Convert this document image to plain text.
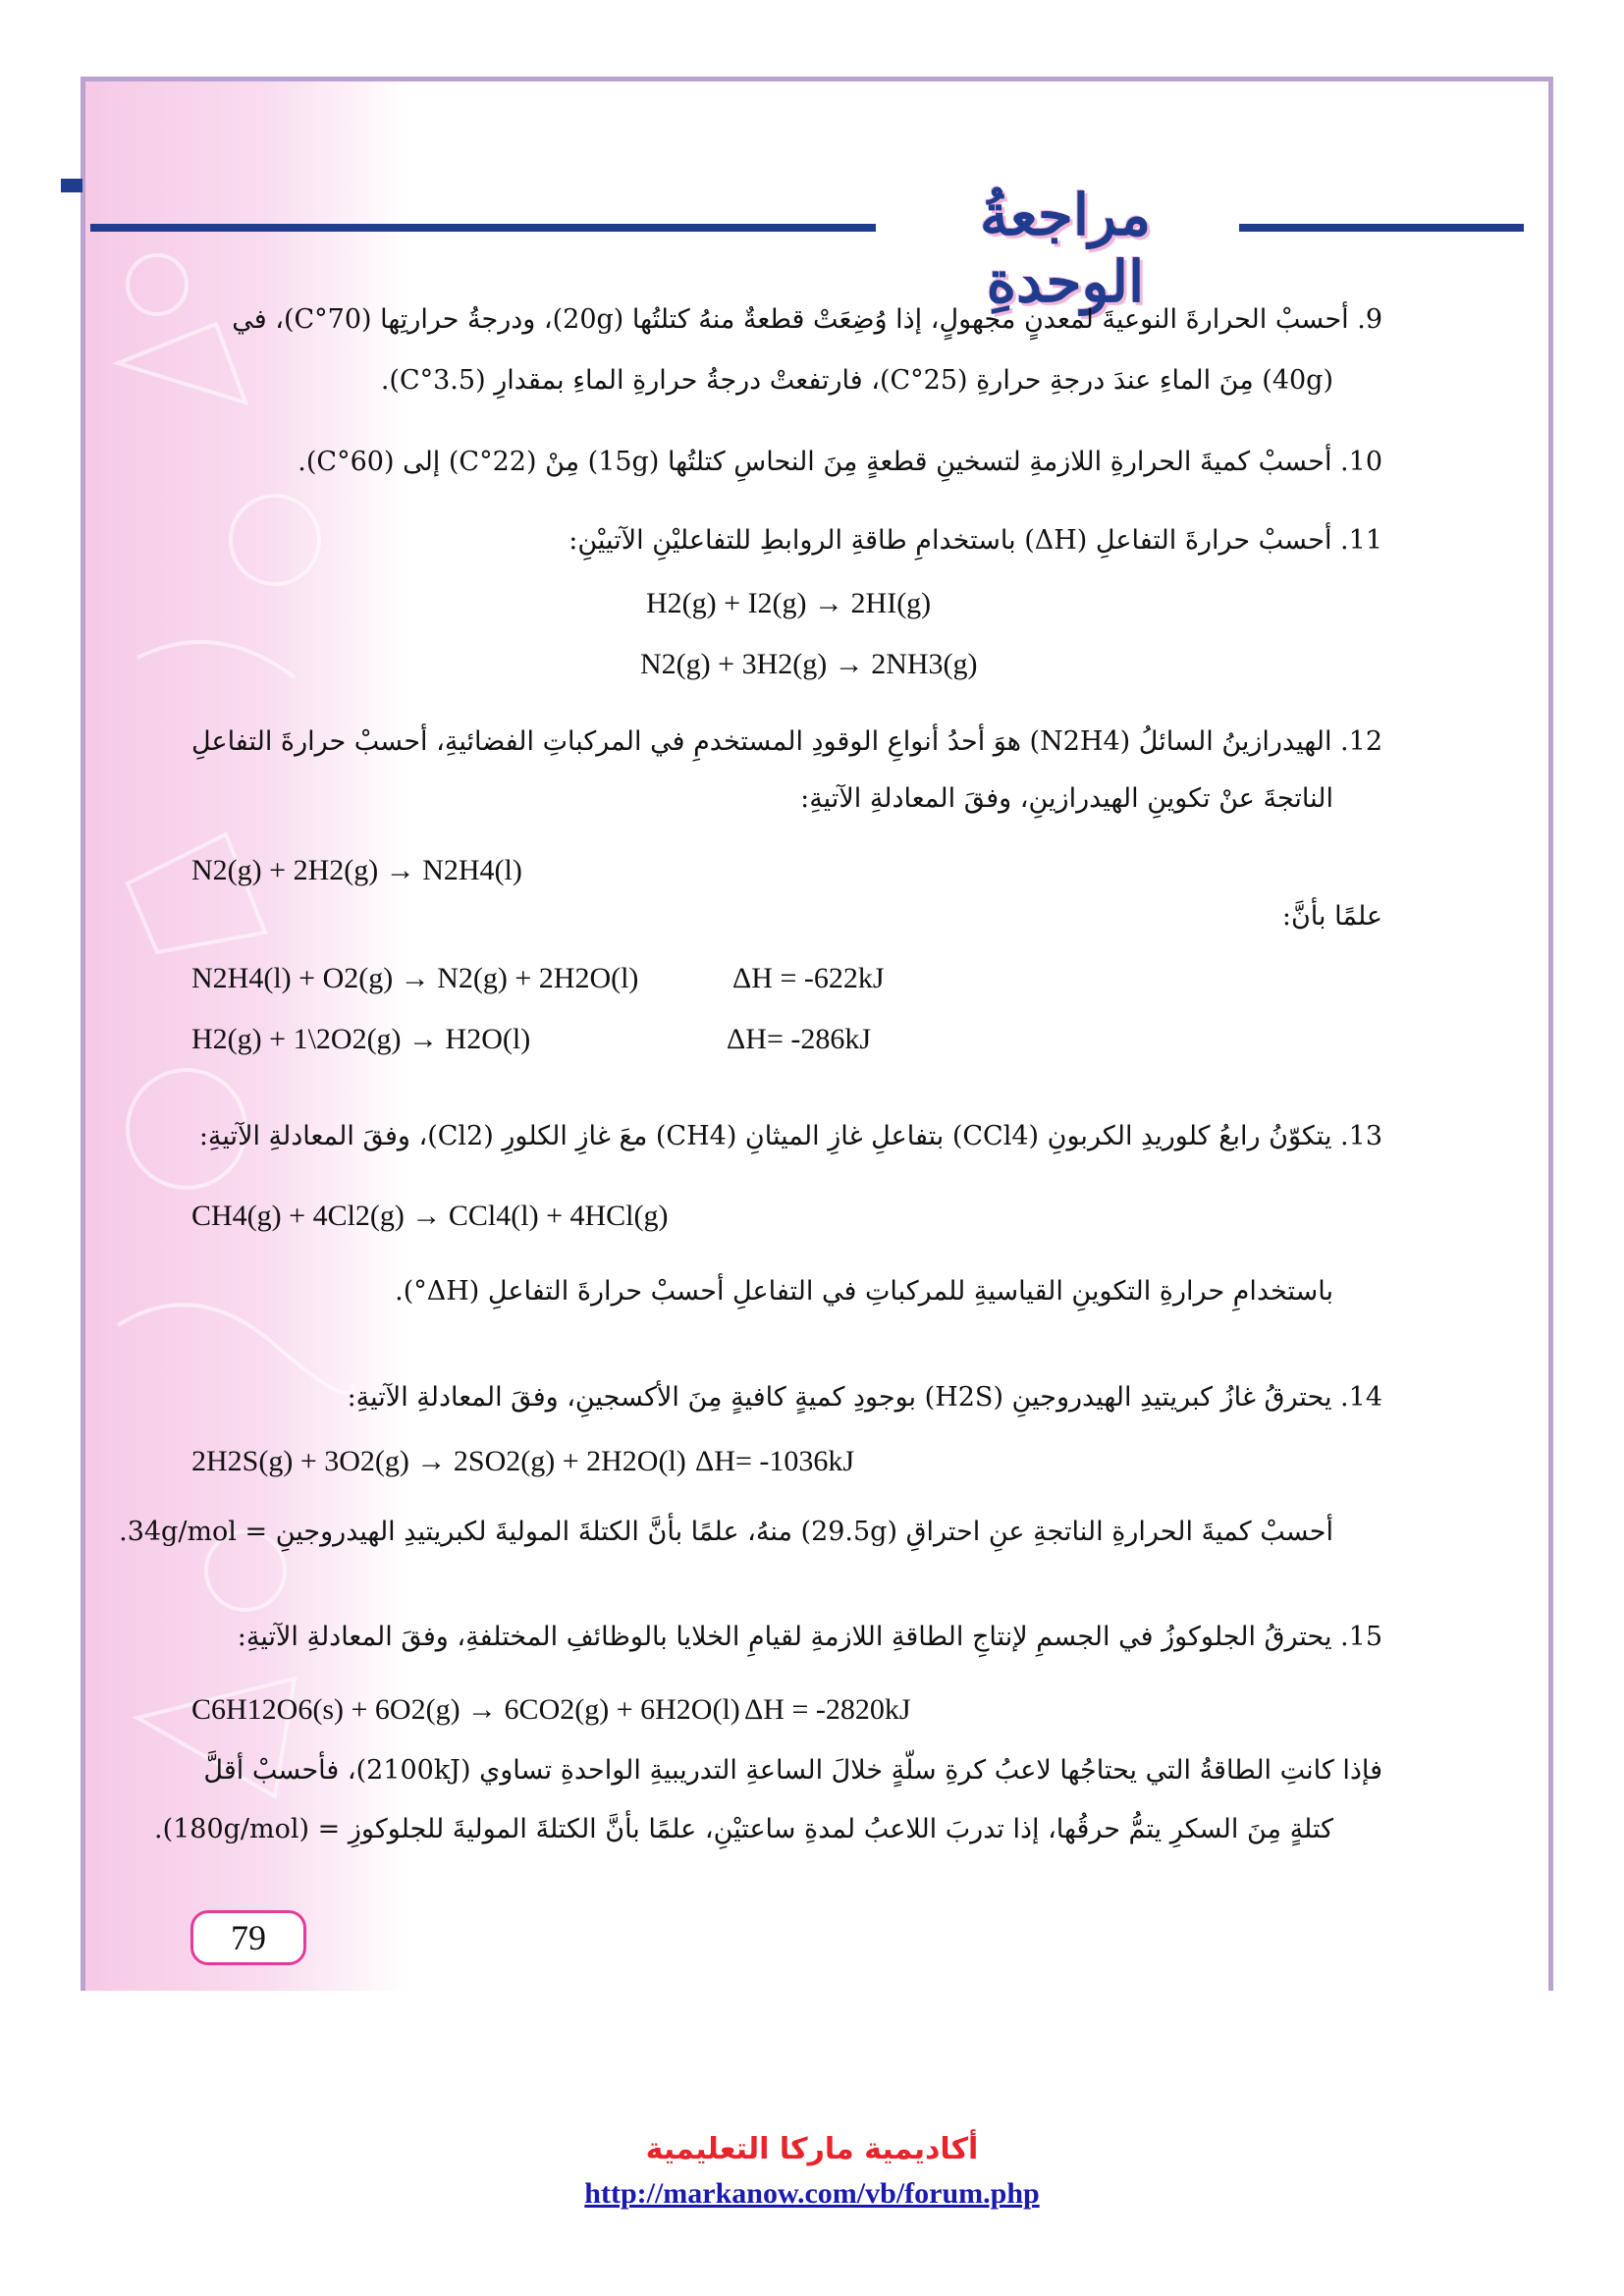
مراجعةُ الوحدةِ
9. أحسبْ الحرارةَ النوعيةَ لمعدنٍ مجهولٍ، إذا وُضِعَتْ قطعةٌ منهُ كتلتُها (20g)، ودرجةُ حرارتِها (70°C)، في
(40g) مِنَ الماءِ عندَ درجةِ حرارةِ (25°C)، فارتفعتْ درجةُ حرارةِ الماءِ بمقدارِ (3.5°C).
10. أحسبْ كميةَ الحرارةِ اللازمةِ لتسخينِ قطعةٍ مِنَ النحاسِ كتلتُها (15g) مِنْ (22°C) إلى (60°C).
11. أحسبْ حرارةَ التفاعلِ (ΔH) باستخدامِ طاقةِ الروابطِ للتفاعليْنِ الآتييْنِ:
H2(g) + I2(g) → 2HI(g)
N2(g) + 3H2(g) → 2NH3(g)
12. الهيدرازينُ السائلُ (N2H4) هوَ أحدُ أنواعِ الوقودِ المستخدمِ في المركباتِ الفضائيةِ، أحسبْ حرارةَ التفاعلِ
الناتجةَ عنْ تكوينِ الهيدرازينِ، وفقَ المعادلةِ الآتيةِ:
N2(g) + 2H2(g) → N2H4(l)
علمًا بأنَّ:
N2H4(l) + O2(g) → N2(g) + 2H2O(l)	ΔH = -622kJ
H2(g) + 1\2O2(g) → H2O(l)	ΔH= -286kJ
13. يتكوّنُ رابعُ كلوريدِ الكربونِ (CCl4) بتفاعلِ غازِ الميثانِ (CH4) معَ غازِ الكلورِ (Cl2)، وفقَ المعادلةِ الآتيةِ:
CH4(g) + 4Cl2(g) → CCl4(l) + 4HCl(g)
باستخدامِ حرارةِ التكوينِ القياسيةِ للمركباتِ في التفاعلِ أحسبْ حرارةَ التفاعلِ (ΔH°).
14. يحترقُ غازُ كبريتيدِ الهيدروجينِ (H2S) بوجودِ كميةٍ كافيةٍ مِنَ الأكسجينِ، وفقَ المعادلةِ الآتيةِ:
2H2S(g) + 3O2(g) → 2SO2(g) + 2H2O(l) ΔH= -1036kJ
أحسبْ كميةَ الحرارةِ الناتجةِ عنِ احتراقِ (29.5g) منهُ، علمًا بأنَّ الكتلةَ الموليةَ لكبريتيدِ الهيدروجينِ = 34g/mol.
15. يحترقُ الجلوكوزُ في الجسمِ لإنتاجِ الطاقةِ اللازمةِ لقيامِ الخلايا بالوظائفِ المختلفةِ، وفقَ المعادلةِ الآتيةِ:
C6H12O6(s) + 6O2(g) → 6CO2(g) + 6H2O(l) ΔH = -2820kJ
فإذا كانتِ الطاقةُ التي يحتاجُها لاعبُ كرةِ سلّةٍ خلالَ الساعةِ التدريبيةِ الواحدةِ تساوي (2100kJ)، فأحسبْ أقلَّ
كتلةٍ مِنَ السكرِ يتمُّ حرقُها، إذا تدربَ اللاعبُ لمدةِ ساعتيْنِ، علمًا بأنَّ الكتلةَ الموليةَ للجلوكوزِ = (180g/mol).
79
أكاديمية ماركا التعليمية
http://markanow.com/vb/forum.php
